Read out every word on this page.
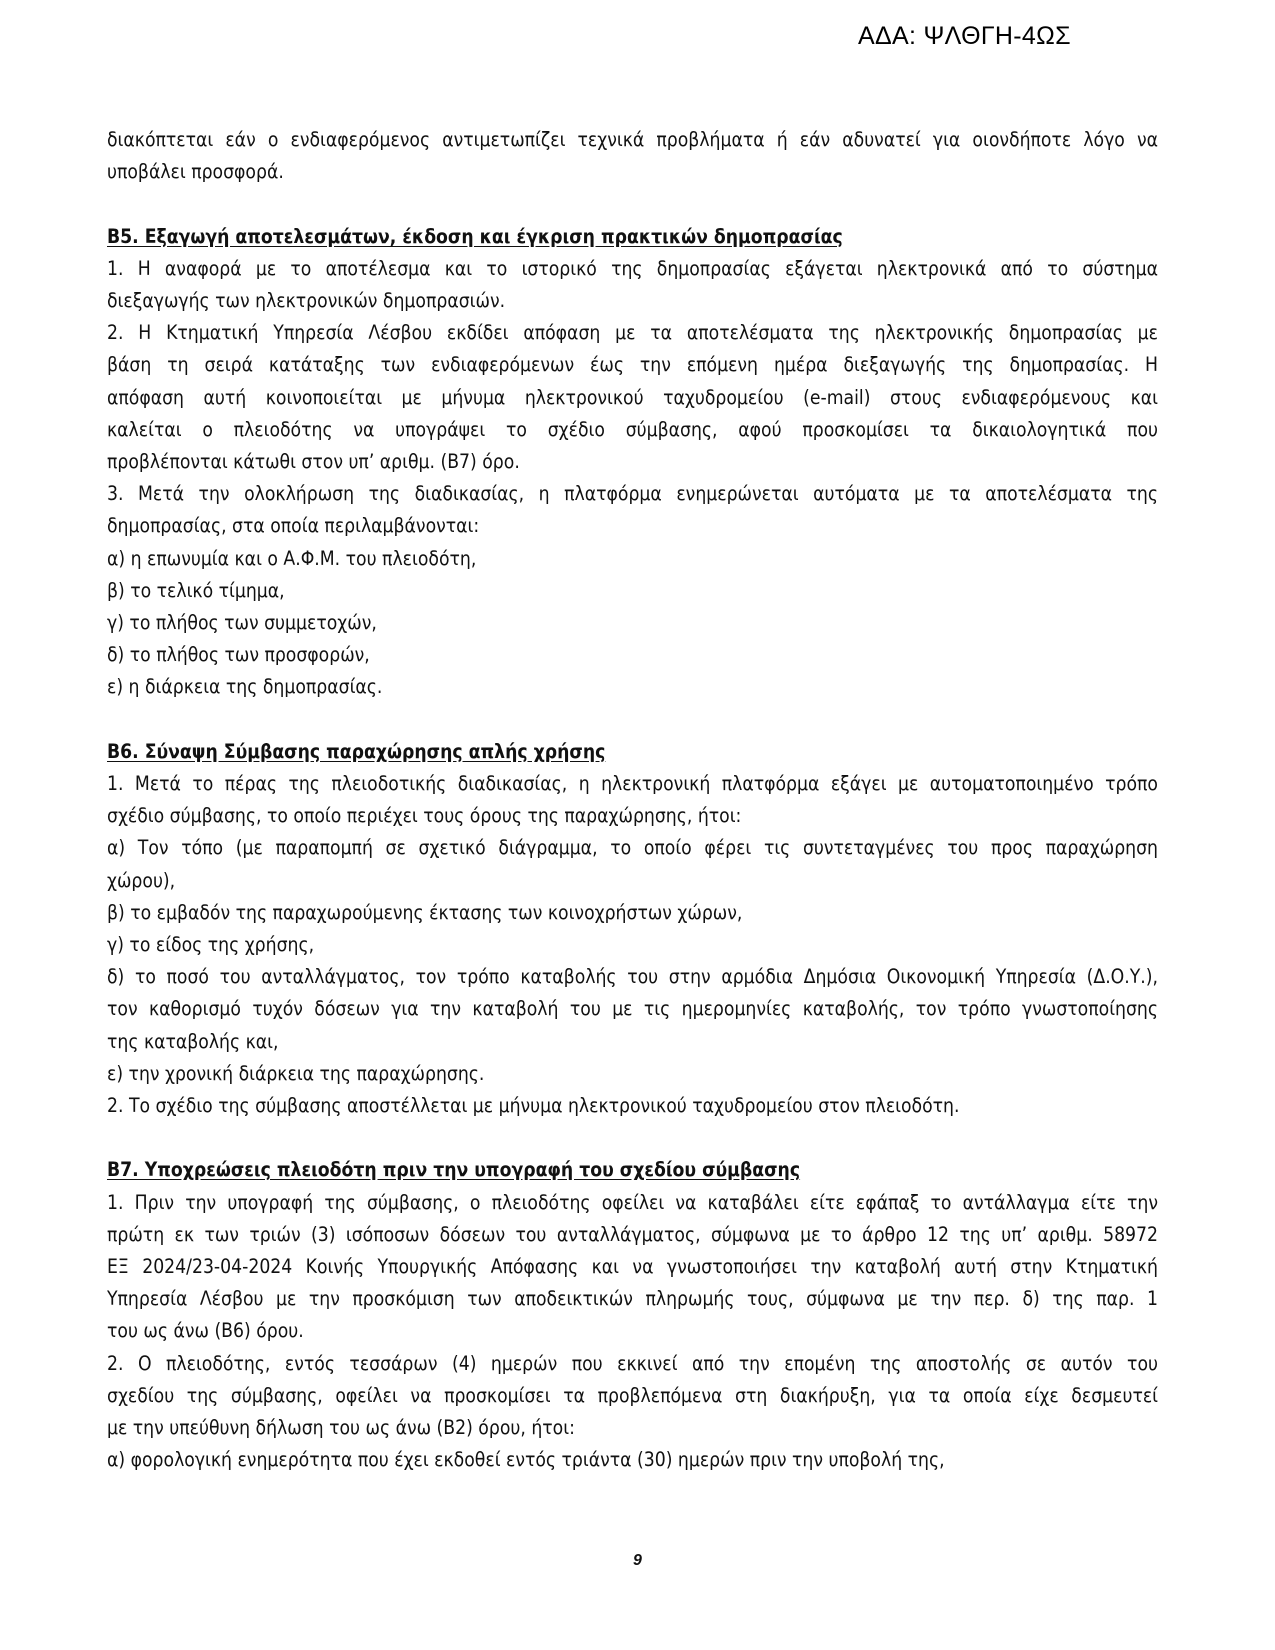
ΑΔΑ: ΨΛΘΓΗ-4ΩΣ
διακόπτεται εάν ο ενδιαφερόμενος αντιμετωπίζει τεχνικά προβλήματα ή εάν αδυνατεί για οιονδήποτε λόγο να
υποβάλει προσφορά.
Β5. Εξαγωγή αποτελεσμάτων, έκδοση και έγκριση πρακτικών δημοπρασίας
1. Η αναφορά με το αποτέλεσμα και το ιστορικό της δημοπρασίας εξάγεται ηλεκτρονικά από το σύστημα
διεξαγωγής των ηλεκτρονικών δημοπρασιών.
2. Η Κτηματική Υπηρεσία Λέσβου εκδίδει απόφαση με τα αποτελέσματα της ηλεκτρονικής δημοπρασίας με
βάση τη σειρά κατάταξης των ενδιαφερόμενων έως την επόμενη ημέρα διεξαγωγής της δημοπρασίας. Η
απόφαση αυτή κοινοποιείται με μήνυμα ηλεκτρονικού ταχυδρομείου (e-mail) στους ενδιαφερόμενους και
καλείται ο πλειοδότης να υπογράψει το σχέδιο σύμβασης, αφού προσκομίσει τα δικαιολογητικά που
προβλέπονται κάτωθι στον υπ’ αριθμ. (Β7) όρο.
3. Μετά την ολοκλήρωση της διαδικασίας, η πλατφόρμα ενημερώνεται αυτόματα με τα αποτελέσματα της
δημοπρασίας, στα οποία περιλαμβάνονται:
α) η επωνυμία και ο Α.Φ.Μ. του πλειοδότη,
β) το τελικό τίμημα,
γ) το πλήθος των συμμετοχών,
δ) το πλήθος των προσφορών,
ε) η διάρκεια της δημοπρασίας.
Β6. Σύναψη Σύμβασης παραχώρησης απλής χρήσης
1. Μετά το πέρας της πλειοδοτικής διαδικασίας, η ηλεκτρονική πλατφόρμα εξάγει με αυτοματοποιημένο τρόπο
σχέδιο σύμβασης, το οποίο περιέχει τους όρους της παραχώρησης, ήτοι:
α) Τον τόπο (με παραπομπή σε σχετικό διάγραμμα, το οποίο φέρει τις συντεταγμένες του προς παραχώρηση
χώρου),
β) το εμβαδόν της παραχωρούμενης έκτασης των κοινοχρήστων χώρων,
γ) το είδος της χρήσης,
δ) το ποσό του ανταλλάγματος, τον τρόπο καταβολής του στην αρμόδια Δημόσια Οικονομική Υπηρεσία (Δ.Ο.Υ.),
τον καθορισμό τυχόν δόσεων για την καταβολή του με τις ημερομηνίες καταβολής, τον τρόπο γνωστοποίησης
της καταβολής και,
ε) την χρονική διάρκεια της παραχώρησης.
2. Το σχέδιο της σύμβασης αποστέλλεται με μήνυμα ηλεκτρονικού ταχυδρομείου στον πλειοδότη.
Β7. Υποχρεώσεις πλειοδότη πριν την υπογραφή του σχεδίου σύμβασης
1. Πριν την υπογραφή της σύμβασης, ο πλειοδότης οφείλει να καταβάλει είτε εφάπαξ το αντάλλαγμα είτε την
πρώτη εκ των τριών (3) ισόποσων δόσεων του ανταλλάγματος, σύμφωνα με το άρθρο 12 της υπ’ αριθμ. 58972
ΕΞ 2024/23-04-2024 Κοινής Υπουργικής Απόφασης και να γνωστοποιήσει την καταβολή αυτή στην Κτηματική
Υπηρεσία Λέσβου με την προσκόμιση των αποδεικτικών πληρωμής τους, σύμφωνα με την περ. δ) της παρ. 1
του ως άνω (Β6) όρου.
2. Ο πλειοδότης, εντός τεσσάρων (4) ημερών που εκκινεί από την επομένη της αποστολής σε αυτόν του
σχεδίου της σύμβασης, οφείλει να προσκομίσει τα προβλεπόμενα στη διακήρυξη, για τα οποία είχε δεσμευτεί
με την υπεύθυνη δήλωση του ως άνω (Β2) όρου, ήτοι:
α) φορολογική ενημερότητα που έχει εκδοθεί εντός τριάντα (30) ημερών πριν την υποβολή της,
9
